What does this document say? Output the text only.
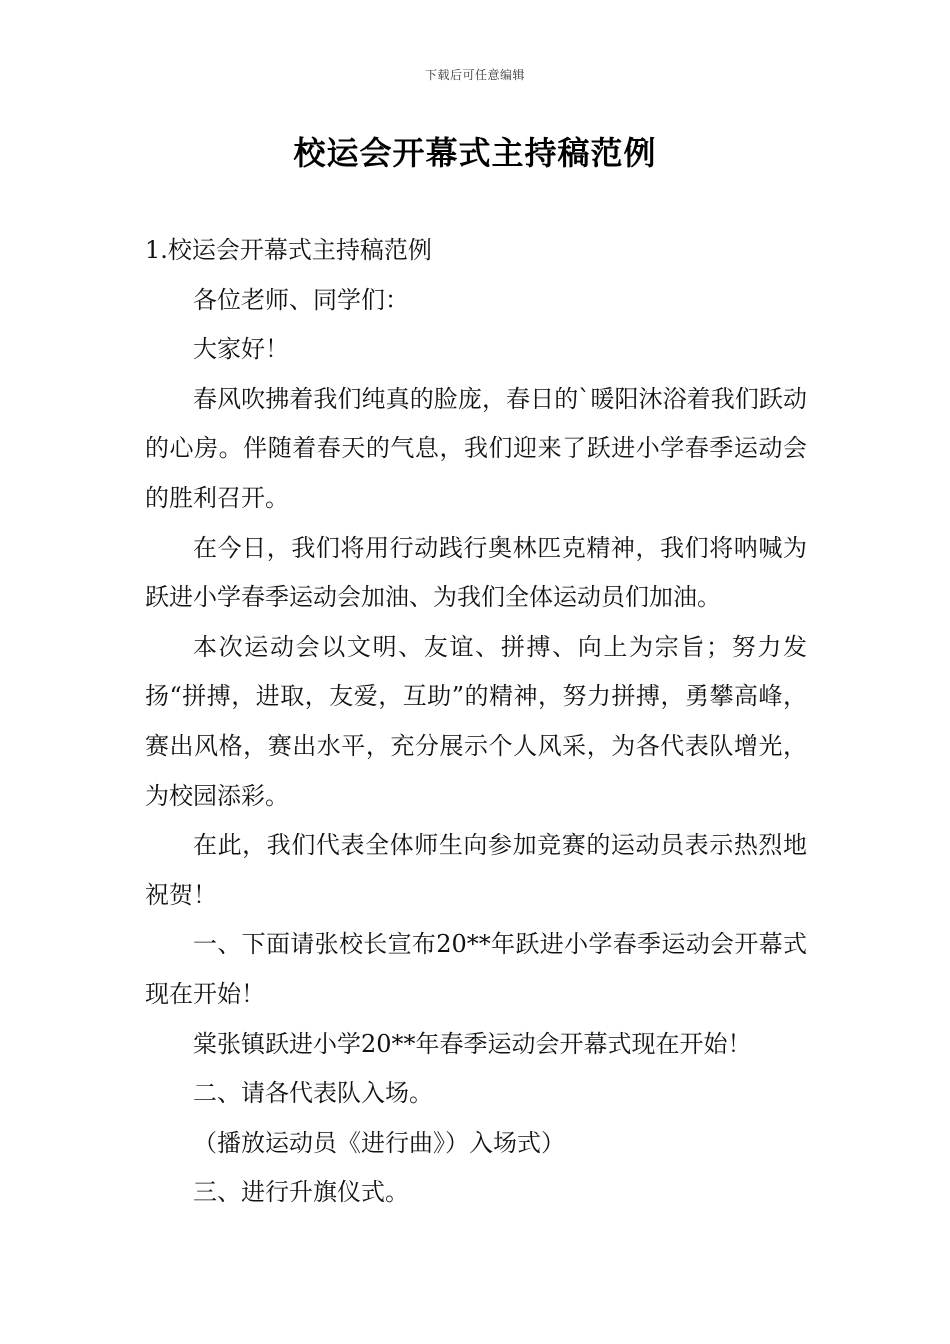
下载后可任意编辑
校运会开幕式主持稿范例

1.校运会开幕式主持稿范例

各位老师、同学们：

大家好！

春风吹拂着我们纯真的脸庞，春日的`暖阳沐浴着我们跃动的心房。伴随着春天的气息，我们迎来了跃进小学春季运动会的胜利召开。

在今日，我们将用行动践行奥林匹克精神，我们将呐喊为跃进小学春季运动会加油、为我们全体运动员们加油。

本次运动会以文明、友谊、拼搏、向上为宗旨；努力发扬“拼搏，进取，友爱，互助”的精神，努力拼搏，勇攀高峰，赛出风格，赛出水平，充分展示个人风采，为各代表队增光，为校园添彩。

在此，我们代表全体师生向参加竞赛的运动员表示热烈地祝贺！

一、下面请张校长宣布20**年跃进小学春季运动会开幕式现在开始！

棠张镇跃进小学20**年春季运动会开幕式现在开始！

二、请各代表队入场。

（播放运动员《进行曲》）入场式）

三、进行升旗仪式。
